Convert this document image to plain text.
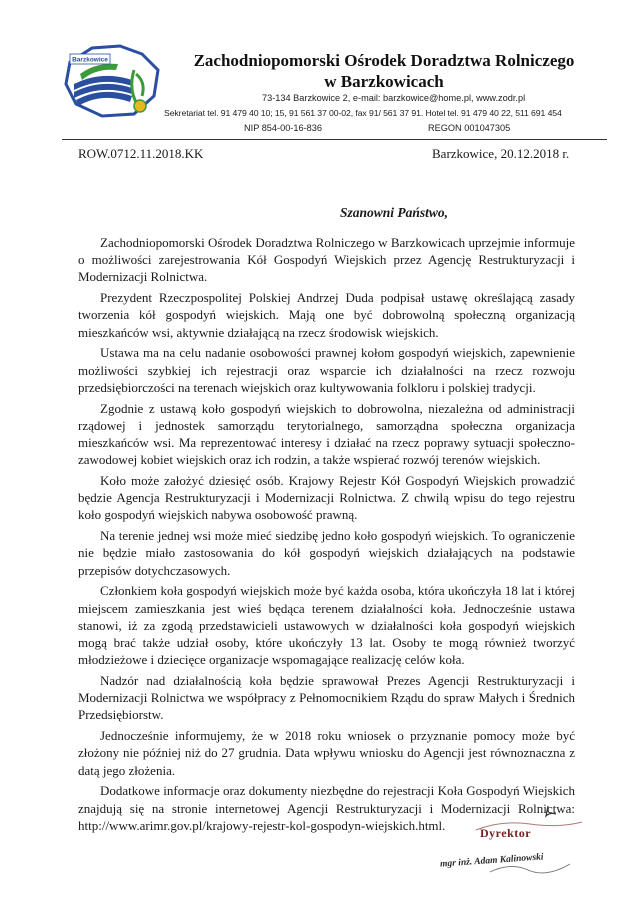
Barzkowice	Zachodniopomorski Ośrodek Doradztwa Rolniczego
w Barzkowicach
73-134 Barzkowice 2, e-mail: barzkowice@home.pl, www.zodr.pl
Sekretariat tel. 91 479 40 10; 15, 91 561 37 00-02, fax 91/ 561 37 91. Hotel tel. 91 479 40 22, 511 691 454
NIP 854-00-16-836	REGON 001047305
ROW.0712.11.2018.KK	Barzkowice, 20.12.2018 r.
Szanowni Państwo,

Zachodniopomorski Ośrodek Doradztwa Rolniczego w Barzkowicach uprzejmie informuje o możliwości zarejestrowania Kół Gospodyń Wiejskich przez Agencję Restrukturyzacji i Modernizacji Rolnictwa.

Prezydent Rzeczpospolitej Polskiej Andrzej Duda podpisał ustawę określającą zasady tworzenia kół gospodyń wiejskich. Mają one być dobrowolną społeczną organizacją mieszkańców wsi, aktywnie działającą na rzecz środowisk wiejskich.

Ustawa ma na celu nadanie osobowości prawnej kołom gospodyń wiejskich, zapewnienie możliwości szybkiej ich rejestracji oraz wsparcie ich działalności na rzecz rozwoju przedsiębiorczości na terenach wiejskich oraz kultywowania folkloru i polskiej tradycji.

Zgodnie z ustawą koło gospodyń wiejskich to dobrowolna, niezależna od administracji rządowej i jednostek samorządu terytorialnego, samorządna społeczna organizacja mieszkańców wsi. Ma reprezentować interesy i działać na rzecz poprawy sytuacji społeczno-zawodowej kobiet wiejskich oraz ich rodzin, a także wspierać rozwój terenów wiejskich.

Koło może założyć dziesięć osób. Krajowy Rejestr Kół Gospodyń Wiejskich prowadzić będzie Agencja Restrukturyzacji i Modernizacji Rolnictwa. Z chwilą wpisu do tego rejestru koło gospodyń wiejskich nabywa osobowość prawną.

Na terenie jednej wsi może mieć siedzibę jedno koło gospodyń wiejskich. To ograniczenie nie będzie miało zastosowania do kół gospodyń wiejskich działających na podstawie przepisów dotychczasowych.

Członkiem koła gospodyń wiejskich może być każda osoba, która ukończyła 18 lat i której miejscem zamieszkania jest wieś będąca terenem działalności koła. Jednocześnie ustawa stanowi, iż za zgodą przedstawicieli ustawowych w działalności koła gospodyń wiejskich mogą brać także udział osoby, które ukończyły 13 lat. Osoby te mogą również tworzyć młodzieżowe i dziecięce organizacje wspomagające realizację celów koła.

Nadzór nad działalnością koła będzie sprawował Prezes Agencji Restrukturyzacji i Modernizacji Rolnictwa we współpracy z Pełnomocnikiem Rządu do spraw Małych i Średnich Przedsiębiorstw.

Jednocześnie informujemy, że w 2018 roku wniosek o przyznanie pomocy może być złożony nie później niż do 27 grudnia. Data wpływu wniosku do Agencji jest równoznaczna z datą jego złożenia.

Dodatkowe informacje oraz dokumenty niezbędne do rejestracji Koła Gospodyń Wiejskich znajdują się na stronie internetowej Agencji Restrukturyzacji i Modernizacji Rolnictwa: http://www.arimr.gov.pl/krajowy-rejestr-kol-gospodyn-wiejskich.html.

Dyrektor
mgr inż. Adam Kalinowski
